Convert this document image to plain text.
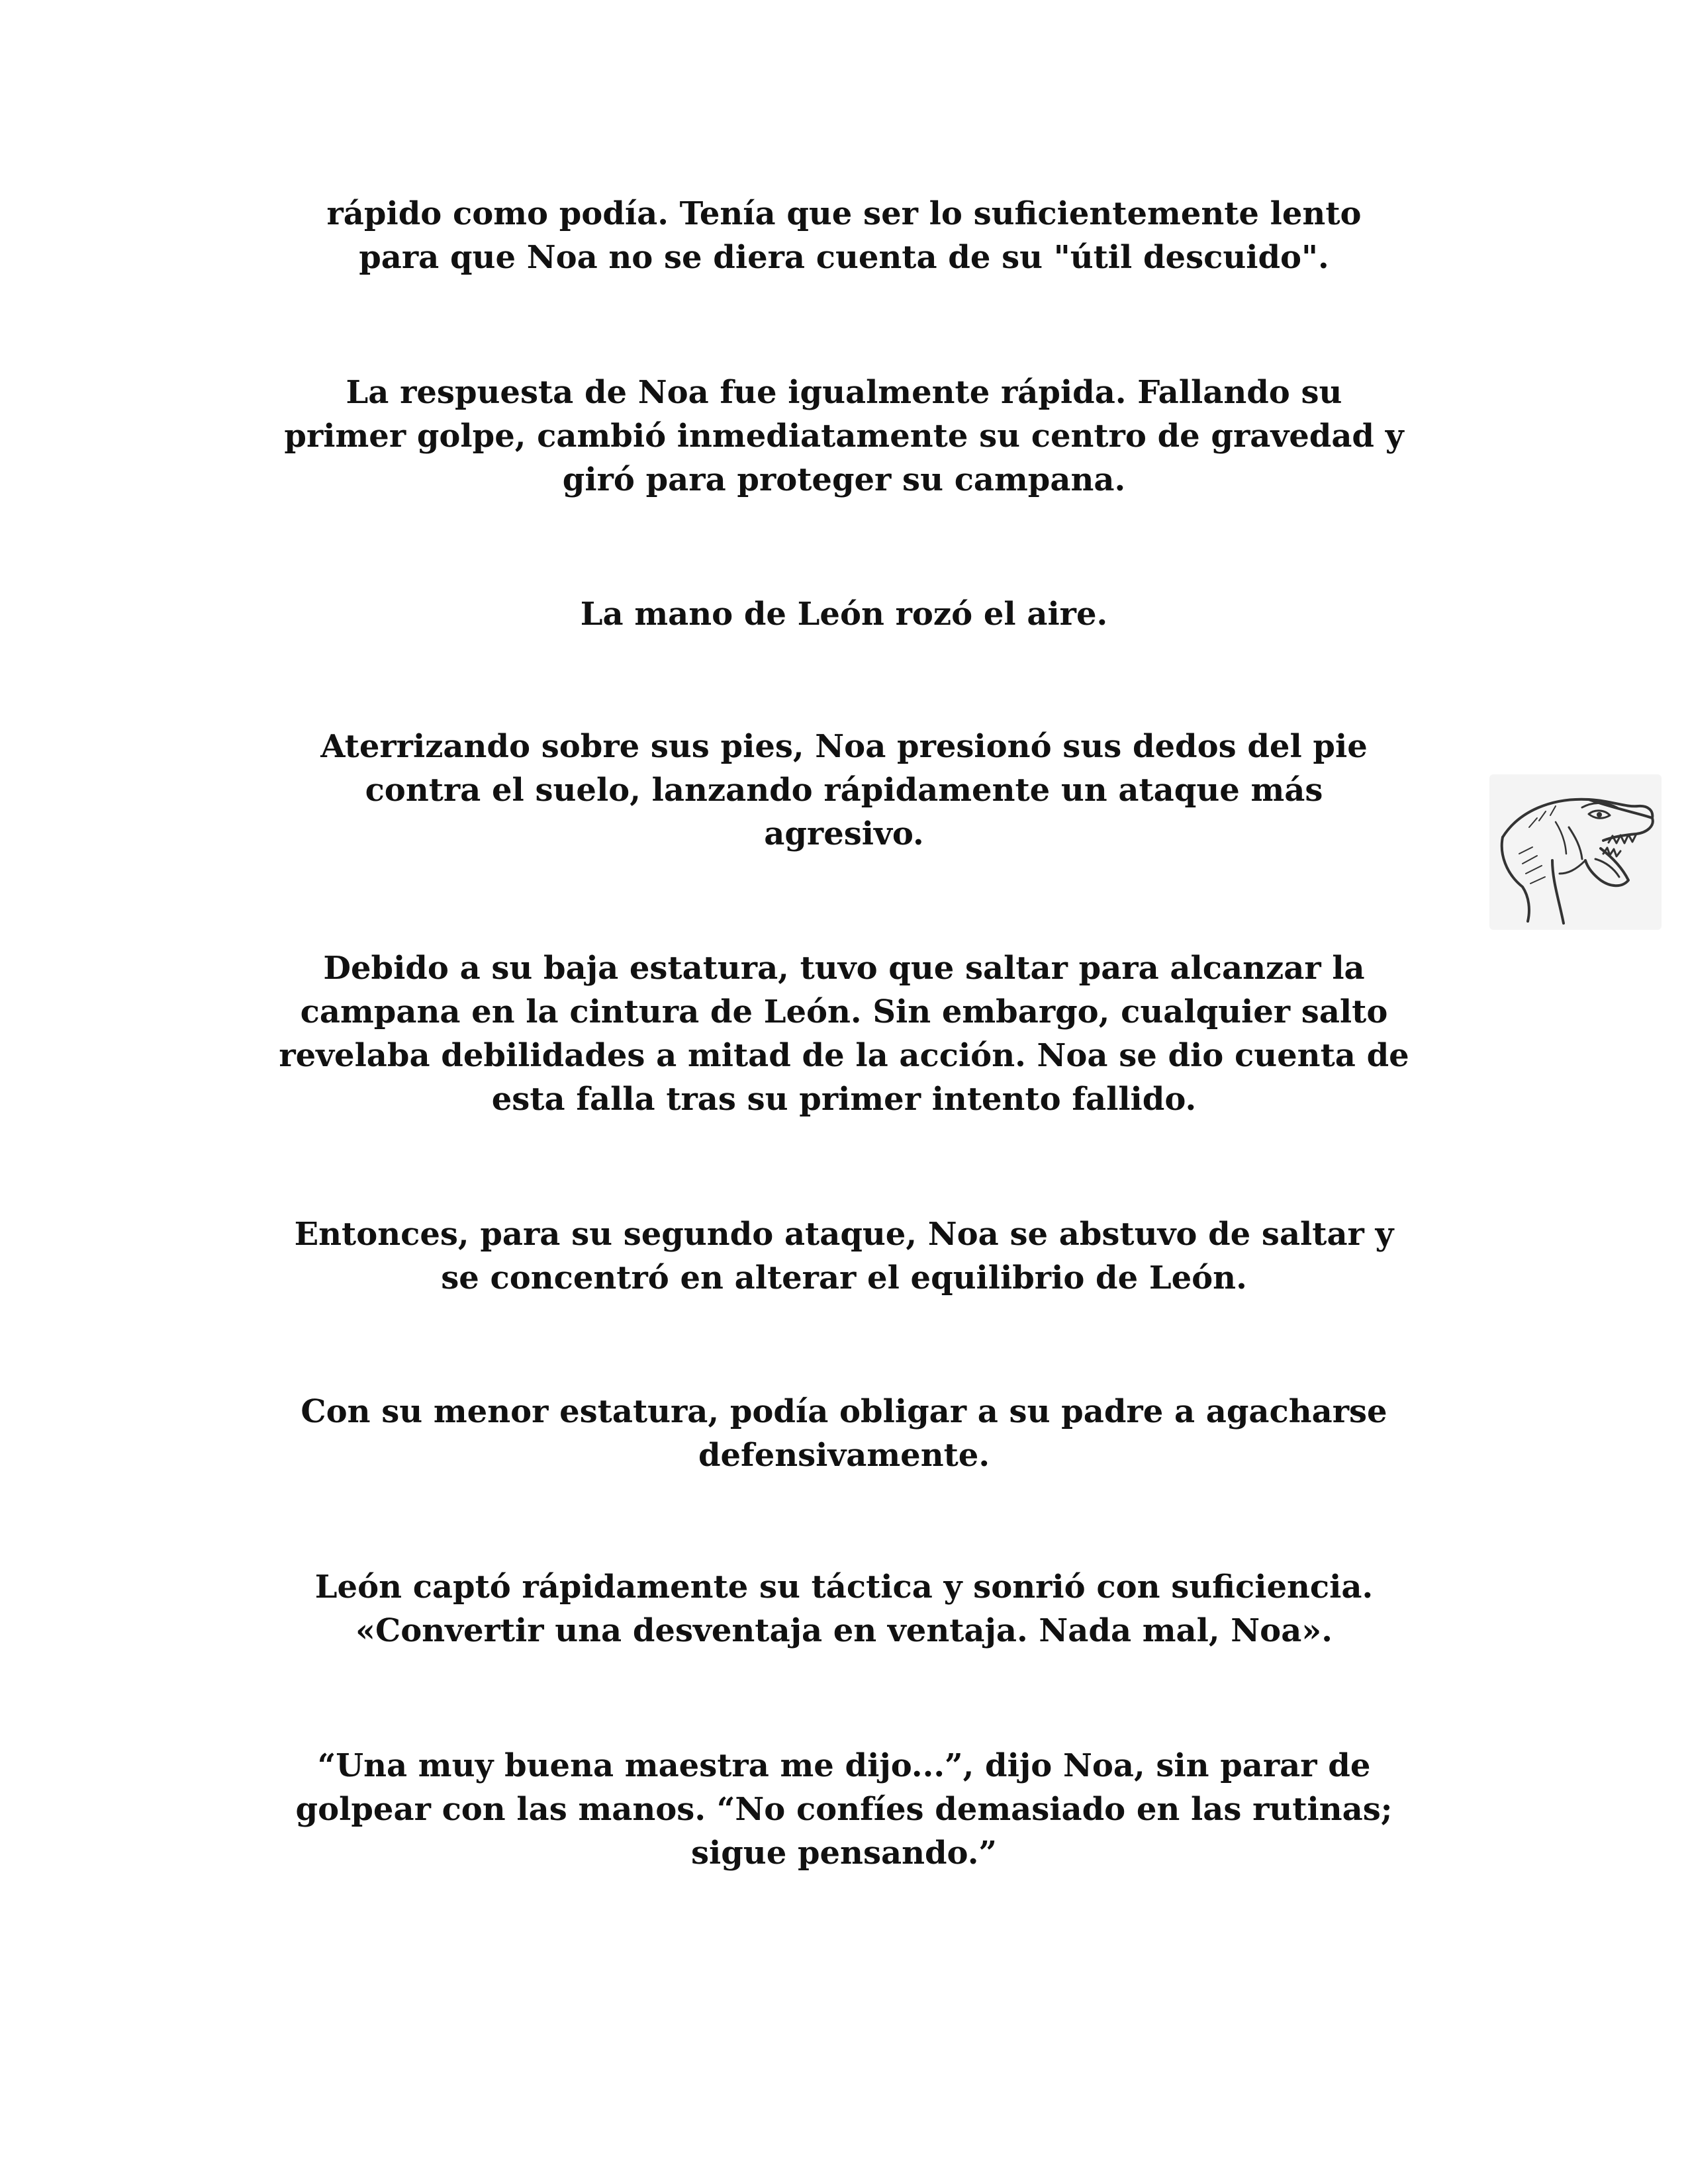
rápido como podía. Tenía que ser lo suficientemente lento
para que Noa no se diera cuenta de su "útil descuido".

La respuesta de Noa fue igualmente rápida. Fallando su
primer golpe, cambió inmediatamente su centro de gravedad y
giró para proteger su campana.

La mano de León rozó el aire.

Aterrizando sobre sus pies, Noa presionó sus dedos del pie
contra el suelo, lanzando rápidamente un ataque más
agresivo.

Debido a su baja estatura, tuvo que saltar para alcanzar la
campana en la cintura de León. Sin embargo, cualquier salto
revelaba debilidades a mitad de la acción. Noa se dio cuenta de
esta falla tras su primer intento fallido.

Entonces, para su segundo ataque, Noa se abstuvo de saltar y
se concentró en alterar el equilibrio de León.

Con su menor estatura, podía obligar a su padre a agacharse
defensivamente.

León captó rápidamente su táctica y sonrió con suficiencia.
«Convertir una desventaja en ventaja. Nada mal, Noa».

“Una muy buena maestra me dijo...”, dijo Noa, sin parar de
golpear con las manos. “No confíes demasiado en las rutinas;
sigue pensando.”
